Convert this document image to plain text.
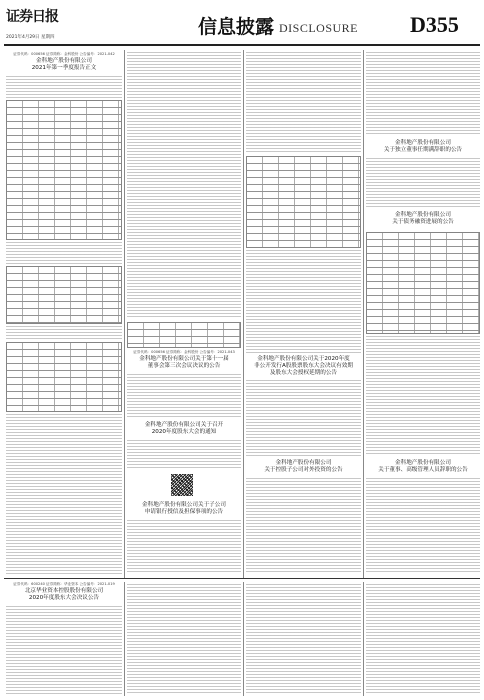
证券日报
2021年4月29日 星期四	信息披露 DISCLOSURE D355
证券代码：000656 证券简称：金科股份 公告编号：2021-042
金科地产股份有限公司
2021年第一季度报告正文
证券代码：000656 证券简称：金科股份 公告编号：2021-043
金科地产股份有限公司关于第十一届
董事会第三次会议决议的公告
金科地产股份有限公司关于召开
2020年度股东大会的通知
金科地产股份有限公司关于子公司
申请银行授信及担保事项的公告
金科地产股份有限公司关于2020年度
非公开发行A股股票股东大会决议有效期
及股东大会授权延期的公告
金科地产股份有限公司
关于控股子公司对外投资的公告
金科地产股份有限公司
关于独立董事任期满辞职的公告
金科地产股份有限公司
关于债务融资进展的公告
金科地产股份有限公司
关于董事、高级管理人员辞职的公告
证券代码：600240 证券简称：华业资本 公告编号：2021-019
北京华业资本控股股份有限公司
2020年度股东大会决议公告
